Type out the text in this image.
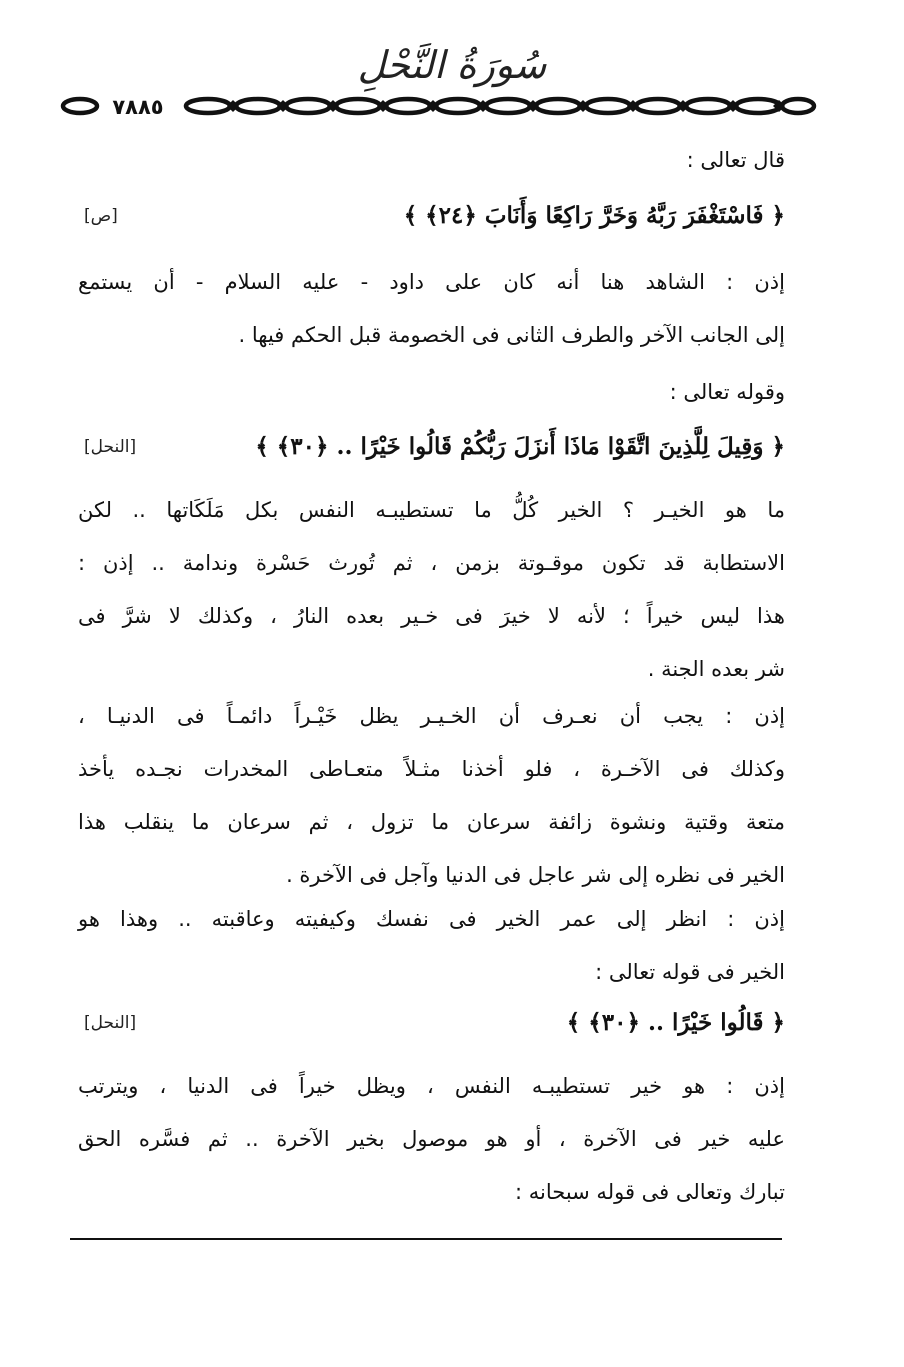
سُورَةُ النَّحْلِ
٧٨٨٥
قال تعالى :
﴿ فَاسْتَغْفَرَ رَبَّهُ وَخَرَّ رَاكِعًا وَأَنَابَ ﴿٢٤﴾ ﴾
[ص]
إذن : الشاهد هنا أنه كان على داود - عليه السلام - أن يستمع
إلى الجانب الآخر والطرف الثانى فى الخصومة قبل الحكم فيها .
وقوله تعالى :
﴿ وَقِيلَ لِلَّذِينَ اتَّقَوْا مَاذَا أَنزَلَ رَبُّكُمْ قَالُوا خَيْرًا .. ﴿٣٠﴾ ﴾
[النحل]
ما هو الخيـر ؟ الخير كُلُّ ما تستطيبـه النفس بكل مَلَكَاتها .. لكن
الاستطابة قد تكون موقـوتة بزمن ، ثم تُورث حَسْرة وندامة .. إذن :
هذا ليس خيراً ؛ لأنه لا خيرَ فى خـير بعده النارُ ، وكذلك لا شرَّ فى
شر بعده الجنة .
إذن : يجب أن نعـرف أن الخـيـر يظل خَيْـراً دائمـاً فى الدنيـا ،
وكذلك فى الآخـرة ، فلو أخذنا مثـلاً متعـاطى المخدرات نجـده يأخذ
متعة وقتية ونشوة زائفة سرعان ما تزول ، ثم سرعان ما ينقلب هذا
الخير فى نظره إلى شر عاجل فى الدنيا وآجل فى الآخرة .
إذن : انظر إلى عمر الخير فى نفسك وكيفيته وعاقبته .. وهذا هو
الخير فى قوله تعالى :
﴿ قَالُوا خَيْرًا .. ﴿٣٠﴾ ﴾
[النحل]
إذن : هو خير تستطيبـه النفس ، ويظل خيراً فى الدنيا ، ويترتب
عليه خير فى الآخرة ، أو هو موصول بخير الآخرة .. ثم فسَّره الحق
تبارك وتعالى فى قوله سبحانه :
